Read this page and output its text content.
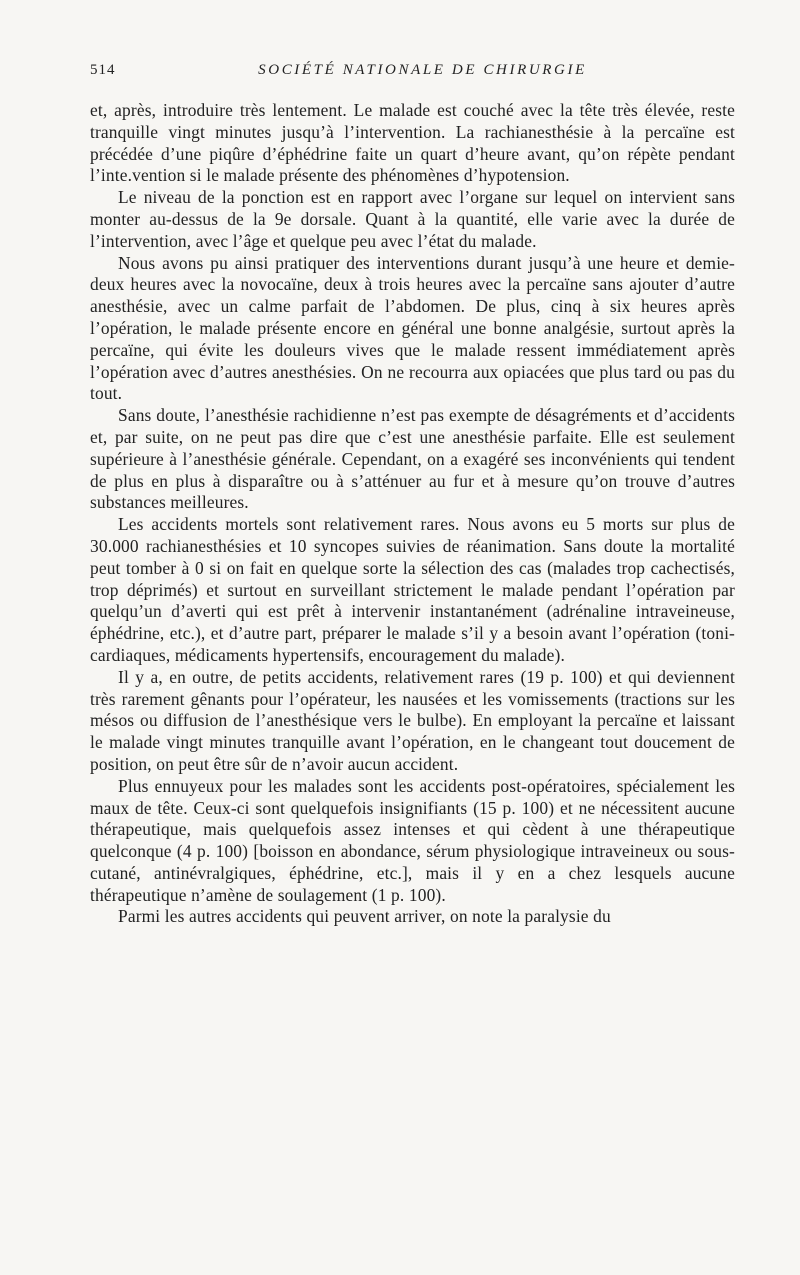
514	SOCIÉTÉ NATIONALE DE CHIRURGIE

et, après, introduire très lentement. Le malade est couché avec la tête très élevée, reste tranquille vingt minutes jusqu’à l’intervention. La rachianesthésie à la percaïne est précédée d’une piqûre d’éphédrine faite un quart d’heure avant, qu’on répète pendant l’inte.vention si le malade présente des phénomènes d’hypotension.

Le niveau de la ponction est en rapport avec l’organe sur lequel on intervient sans monter au-dessus de la 9e dorsale. Quant à la quantité, elle varie avec la durée de l’intervention, avec l’âge et quelque peu avec l’état du malade.

Nous avons pu ainsi pratiquer des interventions durant jusqu’à une heure et demie-deux heures avec la novocaïne, deux à trois heures avec la percaïne sans ajouter d’autre anesthésie, avec un calme parfait de l’abdomen. De plus, cinq à six heures après l’opération, le malade présente encore en général une bonne analgésie, surtout après la percaïne, qui évite les douleurs vives que le malade ressent immédiatement après l’opération avec d’autres anesthésies. On ne recourra aux opiacées que plus tard ou pas du tout.

Sans doute, l’anesthésie rachidienne n’est pas exempte de désagréments et d’accidents et, par suite, on ne peut pas dire que c’est une anesthésie parfaite. Elle est seulement supérieure à l’anesthésie générale. Cependant, on a exagéré ses inconvénients qui tendent de plus en plus à disparaître ou à s’atténuer au fur et à mesure qu’on trouve d’autres substances meilleures.

Les accidents mortels sont relativement rares. Nous avons eu 5 morts sur plus de 30.000 rachianesthésies et 10 syncopes suivies de réanimation. Sans doute la mortalité peut tomber à 0 si on fait en quelque sorte la sélection des cas (malades trop cachectisés, trop déprimés) et surtout en surveillant strictement le malade pendant l’opération par quelqu’un d’averti qui est prêt à intervenir instantanément (adrénaline intraveineuse, éphédrine, etc.), et d’autre part, préparer le malade s’il y a besoin avant l’opération (toni-cardiaques, médicaments hypertensifs, encouragement du malade).

Il y a, en outre, de petits accidents, relativement rares (19 p. 100) et qui deviennent très rarement gênants pour l’opérateur, les nausées et les vomissements (tractions sur les mésos ou diffusion de l’anesthésique vers le bulbe). En employant la percaïne et laissant le malade vingt minutes tranquille avant l’opération, en le changeant tout doucement de position, on peut être sûr de n’avoir aucun accident.

Plus ennuyeux pour les malades sont les accidents post-opératoires, spécialement les maux de tête. Ceux-ci sont quelquefois insignifiants (15 p. 100) et ne nécessitent aucune thérapeutique, mais quelquefois assez intenses et qui cèdent à une thérapeutique quelconque (4 p. 100) [boisson en abondance, sérum physiologique intraveineux ou sous-cutané, antinévralgiques, éphédrine, etc.], mais il y en a chez lesquels aucune thérapeutique n’amène de soulagement (1 p. 100).

Parmi les autres accidents qui peuvent arriver, on note la paralysie du
